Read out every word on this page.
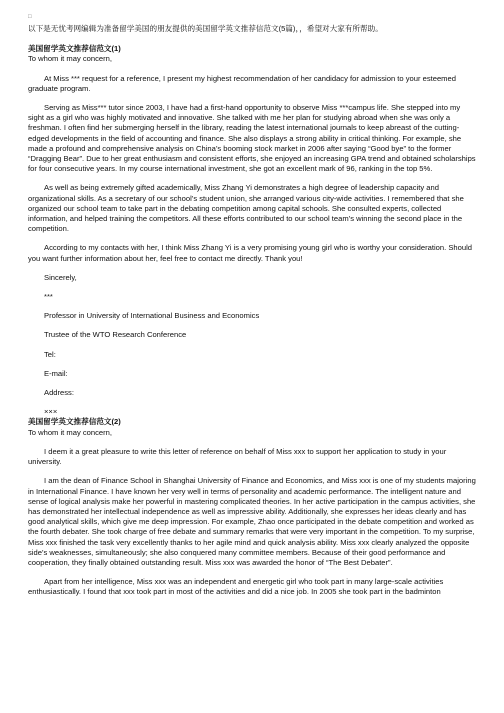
□

以下是无忧考网编辑为准备留学美国的朋友提供的美国留学英文推荐信范文(5篇)，，希望对大家有所帮助。

美国留学英文推荐信范文(1)

To whom it may concern,

At Miss *** request for a reference, I present my highest recommendation of her candidacy for admission to your esteemed graduate program.

Serving as Miss*** tutor since 2003, I have had a first-hand opportunity to observe Miss ***campus life. She stepped into my sight as a girl who was highly motivated and innovative. She talked with me her plan for studying abroad when she was only a freshman. I often find her submerging herself in the library, reading the latest international journals to keep abreast of the cutting-edged developments in the field of accounting and finance. She also displays a strong ability in critical thinking. For example, she made a profound and comprehensive analysis on China’s booming stock market in 2006 after saying “Good bye” to the former “Dragging Bear”. Due to her great enthusiasm and consistent efforts, she enjoyed an increasing GPA trend and obtained scholarships for four consecutive years. In my course international investment, she got an excellent mark of 96, ranking in the top 5%.

As well as being extremely gifted academically, Miss Zhang Yi demonstrates a high degree of leadership capacity and organizational skills. As a secretary of our school’s student union, she arranged various city-wide activities. I remembered that she organized our school team to take part in the debating competition among capital schools. She consulted experts, collected information, and helped training the competitors. All these efforts contributed to our school team’s winning the second place in the competition.

According to my contacts with her, I think Miss Zhang Yi is a very promising young girl who is worthy your consideration. Should you want further information about her, feel free to contact me directly. Thank you!

Sincerely,

***

Professor in University of International Business and Economics

Trustee of the WTO Research Conference

Tel:

E-mail:

Address:

×××

美国留学英文推荐信范文(2)

To whom it may concern,

I deem it a great pleasure to write this letter of reference on behalf of Miss xxx to support her application to study in your university.

I am the dean of Finance School in Shanghai University of Finance and Economics, and Miss xxx is one of my students majoring in International Finance. I have known her very well in terms of personality and academic performance. The intelligent nature and sense of logical analysis make her powerful in mastering complicated theories. In her active participation in the campus activities, she has demonstrated her intellectual independence as well as impressive ability. Additionally, she expresses her ideas clearly and has good analytical skills, which give me deep impression. For example, Zhao once participated in the debate competition and worked as the fourth debater. She took charge of free debate and summary remarks that were very important in the competition. To my surprise, Miss xxx finished the task very excellently thanks to her agile mind and quick analysis ability. Miss xxx clearly analyzed the opposite side’s weaknesses, simultaneously; she also conquered many committee members. Because of their good performance and cooperation, they finally obtained outstanding result. Miss xxx was awarded the honor of “The Best Debater”.

Apart from her intelligence, Miss xxx was an independent and energetic girl who took part in many large-scale activities enthusiastically. I found that xxx took part in most of the activities and did a nice job. In 2005 she took part in the badminton
